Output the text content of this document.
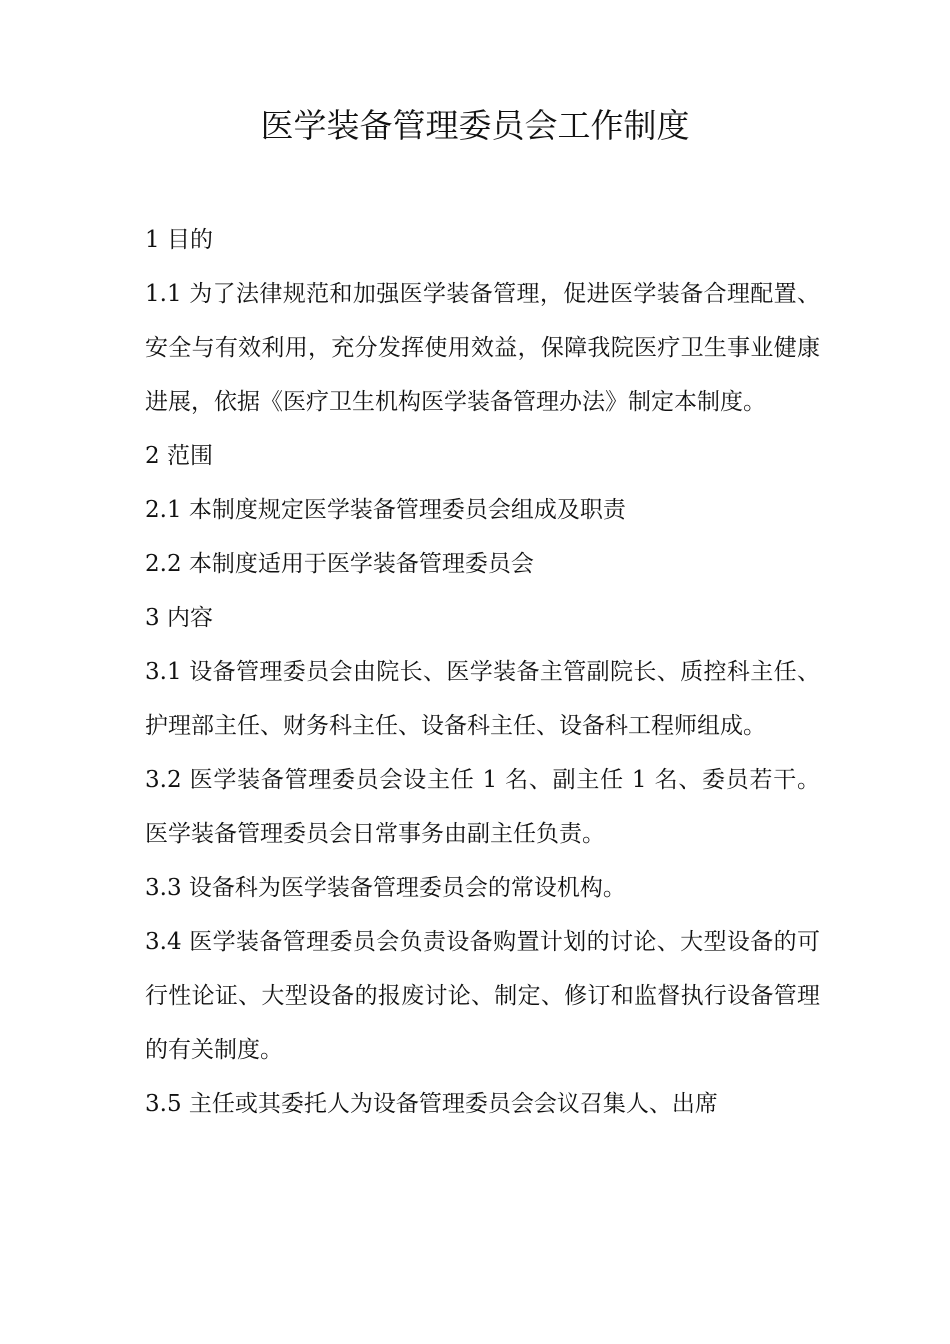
医学装备管理委员会工作制度

1 目的

1.1 为了法律规范和加强医学装备管理，促进医学装备合理配置、安全与有效利用，充分发挥使用效益，保障我院医疗卫生事业健康进展，依据《医疗卫生机构医学装备管理办法》制定本制度。

2 范围

2.1 本制度规定医学装备管理委员会组成及职责

2.2 本制度适用于医学装备管理委员会

3 内容

3.1 设备管理委员会由院长、医学装备主管副院长、质控科主任、护理部主任、财务科主任、设备科主任、设备科工程师组成。

3.2 医学装备管理委员会设主任 1 名、副主任 1 名、委员若干。医学装备管理委员会日常事务由副主任负责。

3.3 设备科为医学装备管理委员会的常设机构。

3.4 医学装备管理委员会负责设备购置计划的讨论、大型设备的可行性论证、大型设备的报废讨论、制定、修订和监督执行设备管理的有关制度。

3.5 主任或其委托人为设备管理委员会会议召集人、出席
